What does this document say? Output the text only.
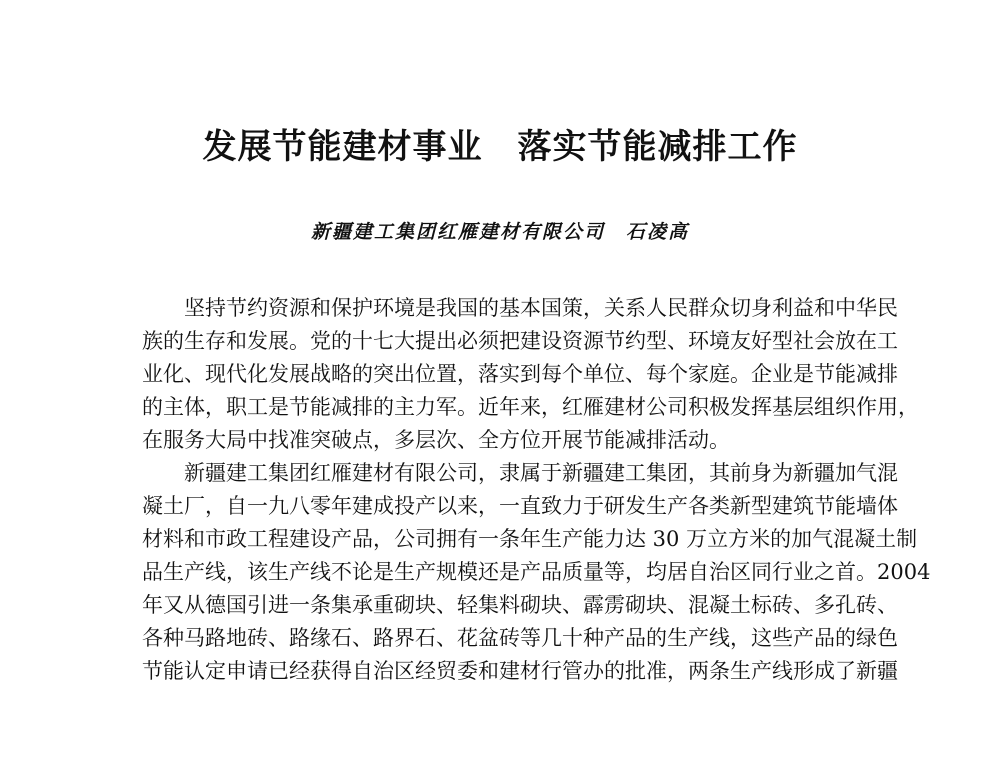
发展节能建材事业　落实节能减排工作
新疆建工集团红雁建材有限公司　石凌高
坚持节约资源和保护环境是我国的基本国策，关系人民群众切身利益和中华民
族的生存和发展。党的十七大提出必须把建设资源节约型、环境友好型社会放在工
业化、现代化发展战略的突出位置，落实到每个单位、每个家庭。企业是节能减排
的主体，职工是节能减排的主力军。近年来，红雁建材公司积极发挥基层组织作用，
在服务大局中找准突破点，多层次、全方位开展节能减排活动。
新疆建工集团红雁建材有限公司，隶属于新疆建工集团，其前身为新疆加气混
凝土厂，自一九八零年建成投产以来，一直致力于研发生产各类新型建筑节能墙体
材料和市政工程建设产品，公司拥有一条年生产能力达 30 万立方米的加气混凝土制
品生产线，该生产线不论是生产规模还是产品质量等，均居自治区同行业之首。2004
年又从德国引进一条集承重砌块、轻集料砌块、霹雳砌块、混凝土标砖、多孔砖、
各种马路地砖、路缘石、路界石、花盆砖等几十种产品的生产线，这些产品的绿色
节能认定申请已经获得自治区经贸委和建材行管办的批准，两条生产线形成了新疆
